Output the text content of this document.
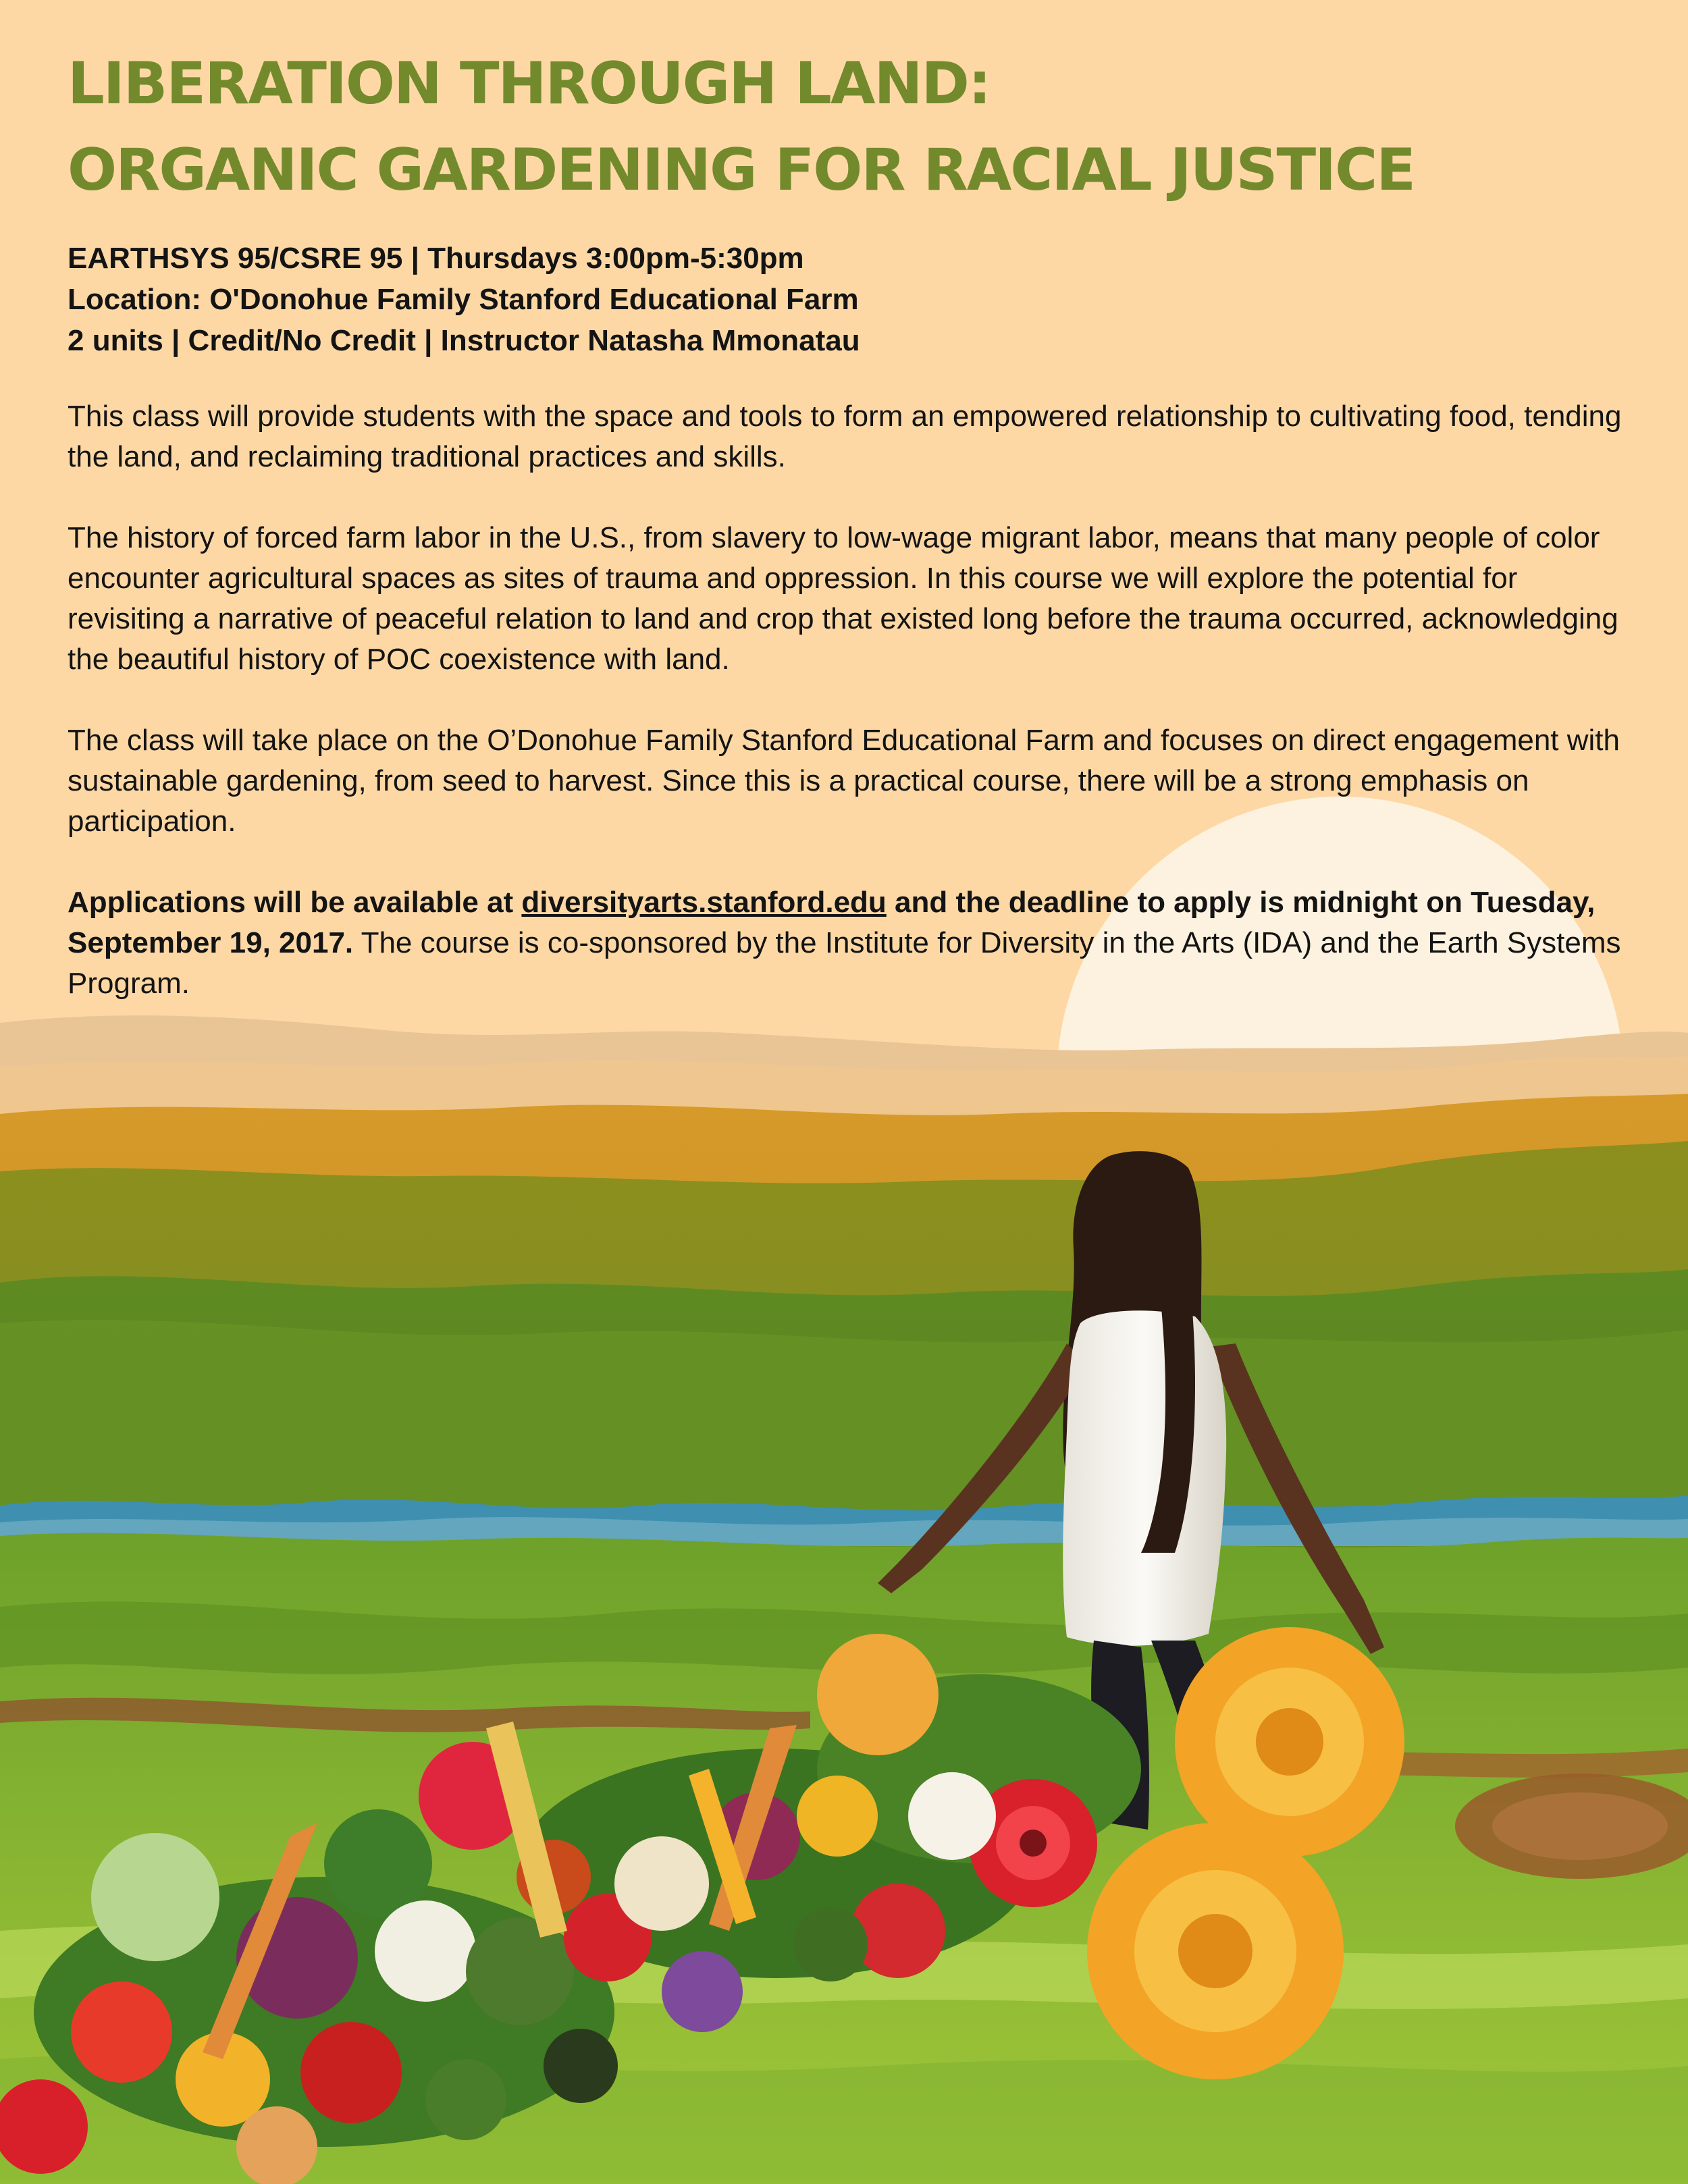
LIBERATION THROUGH LAND:
ORGANIC GARDENING FOR RACIAL JUSTICE
EARTHSYS 95/CSRE 95 | Thursdays 3:00pm-5:30pm
Location: O'Donohue Family Stanford Educational Farm
2 units | Credit/No Credit | Instructor Natasha Mmonatau

This class will provide students with the space and tools to form an empowered relationship to cultivating food, tending the land, and reclaiming traditional practices and skills.

The history of forced farm labor in the U.S., from slavery to low-wage migrant labor, means that many people of color encounter agricultural spaces as sites of trauma and oppression. In this course we will explore the potential for revisiting a narrative of peaceful relation to land and crop that existed long before the trauma occurred, acknowledging the beautiful history of POC coexistence with land.

The class will take place on the O’Donohue Family Stanford Educational Farm and focuses on direct engagement with sustainable gardening, from seed to harvest. Since this is a practical course, there will be a strong emphasis on participation.

Applications will be available at diversityarts.stanford.edu and the deadline to apply is midnight on Tuesday, September 19, 2017. The course is co-sponsored by the Institute for Diversity in the Arts (IDA) and the Earth Systems Program.
